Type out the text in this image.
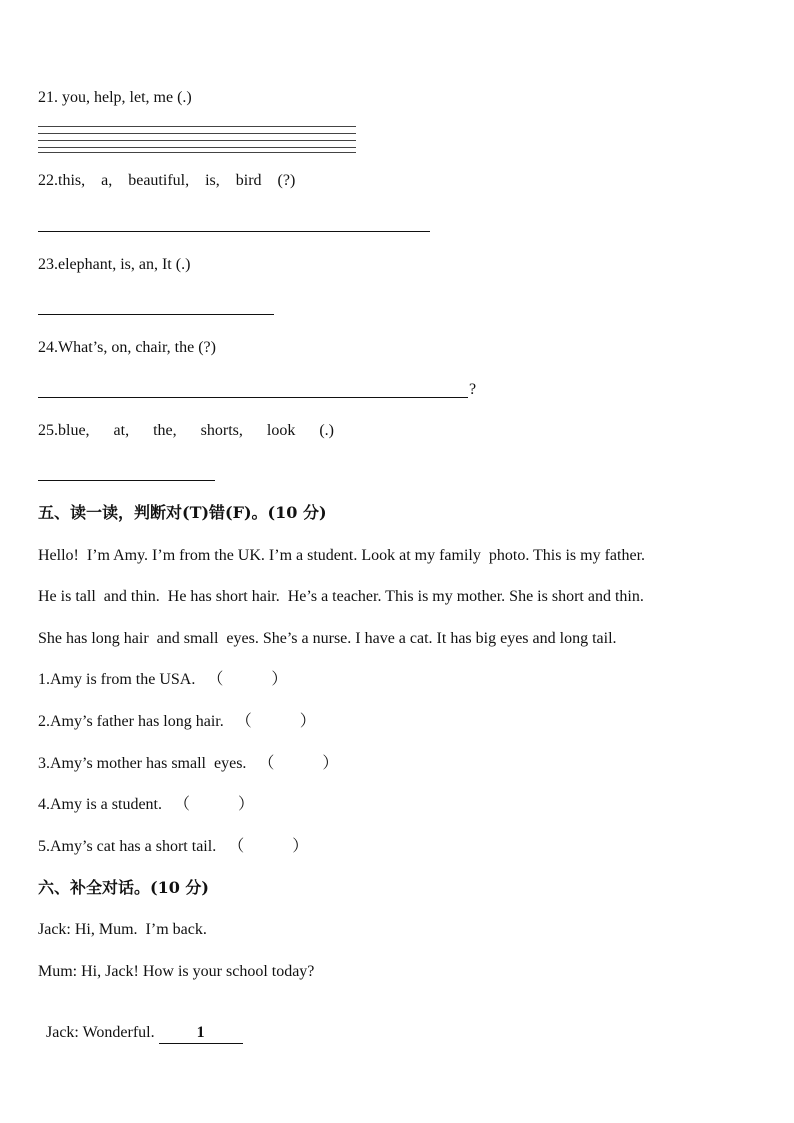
21. you, help, let, me (.)
22.this,    a,    beautiful,    is,    bird    (?)
23.elephant, is, an, It (.)
24.What’s, on, chair, the (?)
?
25.blue,      at,      the,      shorts,      look      (.)
五、读一读，判断对(T)错(F)。(10 分)
Hello!  I’m Amy. I’m from the UK. I’m a student. Look at my family  photo. This is my father.
He is tall  and thin.  He has short hair.  He’s a teacher. This is my mother. She is short and thin.
She has long hair  and small  eyes. She’s a nurse. I have a cat. It has big eyes and long tail.
1.Amy is from the USA.   （            ）
2.Amy’s father has long hair.   （            ）
3.Amy’s mother has small  eyes.   （            ）
4.Amy is a student.   （            ）
5.Amy’s cat has a short tail.   （            ）
六、补全对话。(10 分)
Jack: Hi, Mum.  I’m back.
Mum: Hi, Jack! How is your school today?

Jack: Wonderful. 1
